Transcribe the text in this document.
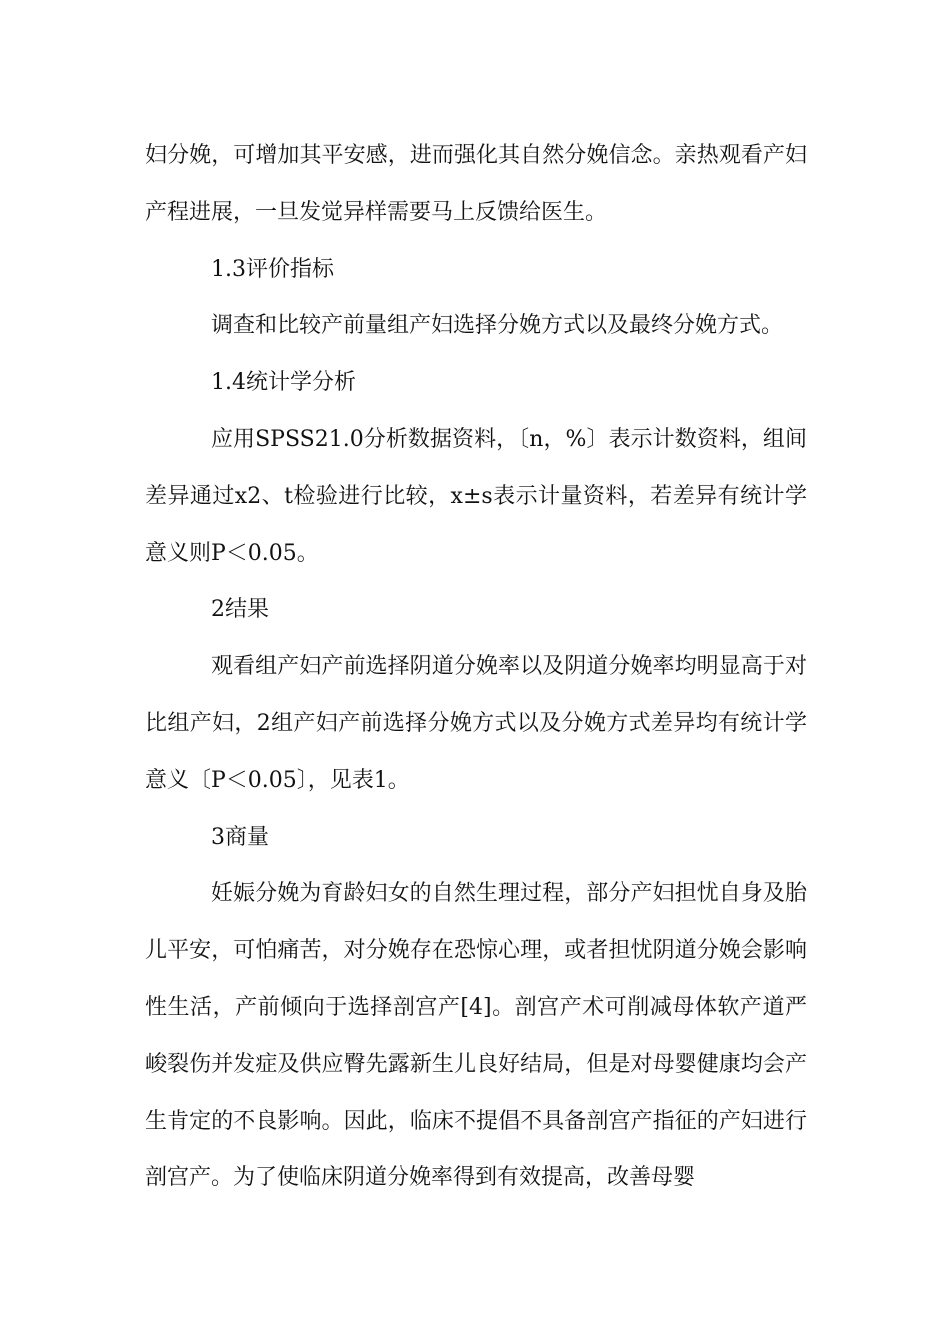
妇分娩，可增加其平安感，进而强化其自然分娩信念。亲热观看产妇产程进展，一旦发觉异样需要马上反馈给医生。

1.3评价指标

调查和比较产前量组产妇选择分娩方式以及最终分娩方式。

1.4统计学分析

应用SPSS21.0分析数据资料，〔n，%〕表示计数资料，组间差异通过x2、t检验进行比较，x±s表示计量资料，若差异有统计学意义则P＜0.05。

2结果

观看组产妇产前选择阴道分娩率以及阴道分娩率均明显高于对比组产妇，2组产妇产前选择分娩方式以及分娩方式差异均有统计学意义〔P＜0.05〕，见表1。

3商量

妊娠分娩为育龄妇女的自然生理过程，部分产妇担忧自身及胎儿平安，可怕痛苦，对分娩存在恐惊心理，或者担忧阴道分娩会影响性生活，产前倾向于选择剖宫产[4]。剖宫产术可削减母体软产道严峻裂伤并发症及供应臀先露新生儿良好结局，但是对母婴健康均会产生肯定的不良影响。因此，临床不提倡不具备剖宫产指征的产妇进行剖宫产。为了使临床阴道分娩率得到有效提高，改善母婴
